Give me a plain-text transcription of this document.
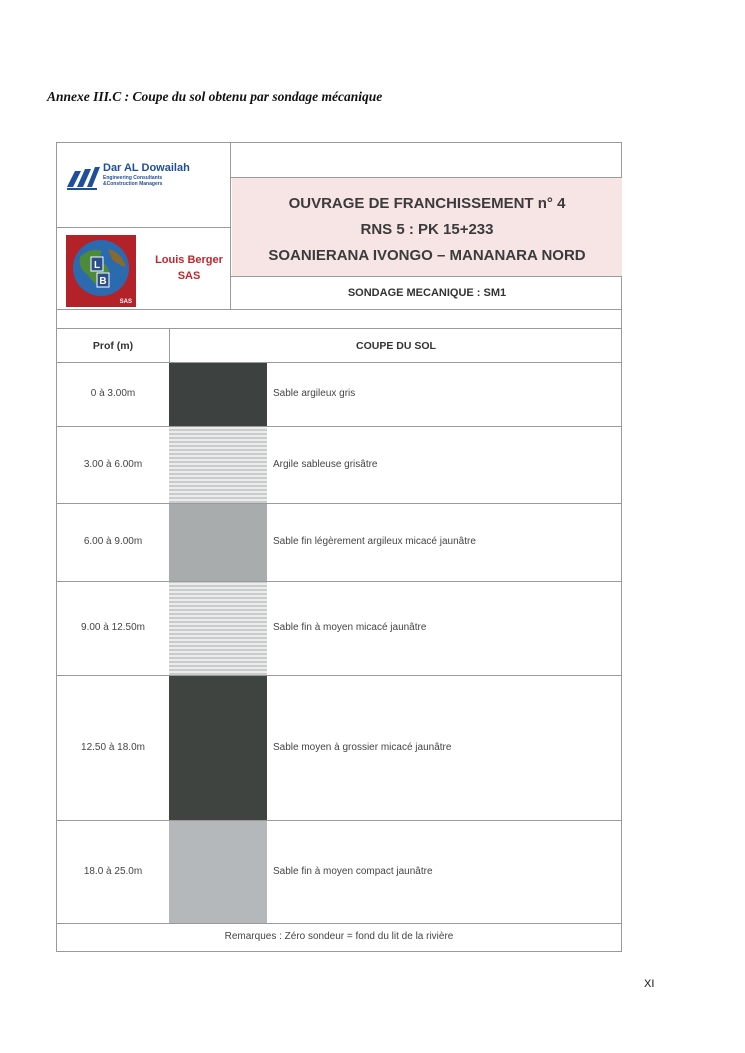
Annexe III.C : Coupe du sol obtenu par sondage mécanique
Dar AL Dowailah
Engineering Consultants
&Construction Managers
L
B
SAS
Louis Berger
SAS
OUVRAGE DE FRANCHISSEMENT n° 4
RNS 5 : PK 15+233
SOANIERANA IVONGO – MANANARA NORD
SONDAGE MECANIQUE : SM1
Prof (m)	COUPE DU SOL
0 à 3.00m	Sable argileux gris
3.00 à 6.00m	Argile sableuse grisâtre
6.00 à 9.00m	Sable fin légèrement argileux micacé jaunâtre
9.00 à 12.50m	Sable fin à moyen micacé jaunâtre
12.50 à 18.0m	Sable moyen à grossier micacé jaunâtre
18.0 à 25.0m	Sable fin à moyen compact jaunâtre
Remarques : Zéro sondeur = fond du lit de la rivière
XI
